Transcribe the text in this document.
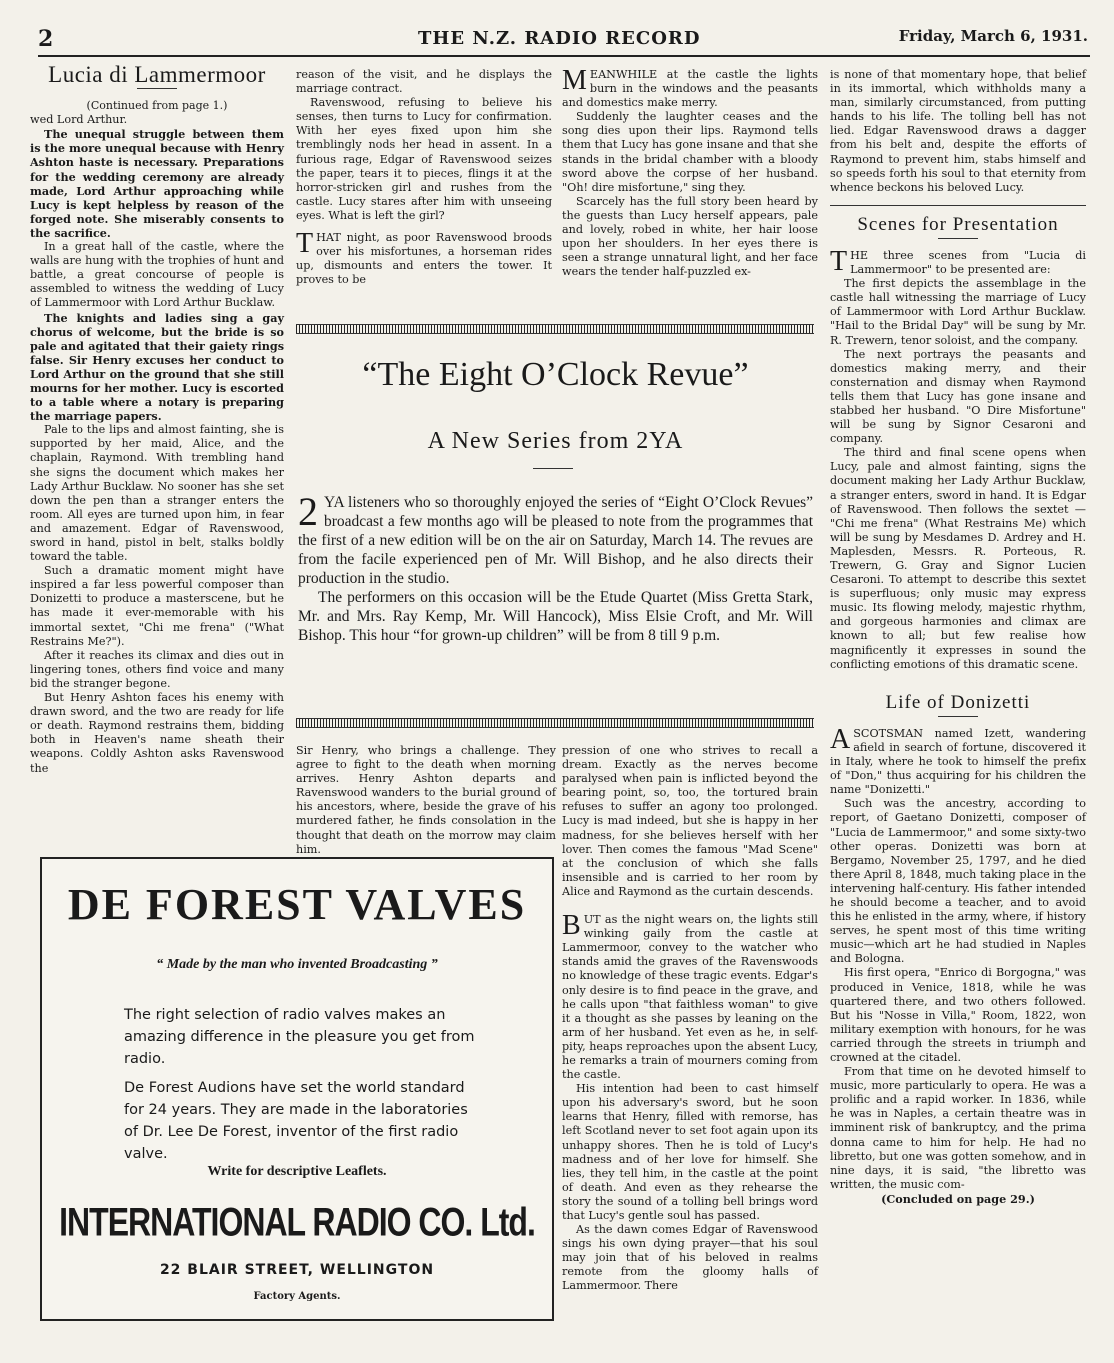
2	THE N.Z. RADIO RECORD	Friday, March 6, 1931.
Lucia di Lammermoor

(Continued from page 1.)

wed Lord Arthur.

The unequal struggle between them is the more unequal because with Henry Ashton haste is necessary. Preparations for the wedding ceremony are already made, Lord Arthur approaching while Lucy is kept helpless by reason of the forged note. She miserably consents to the sacrifice.

In a great hall of the castle, where the walls are hung with the trophies of hunt and battle, a great concourse of people is assembled to witness the wedding of Lucy of Lammermoor with Lord Arthur Bucklaw.

The knights and ladies sing a gay chorus of welcome, but the bride is so pale and agitated that their gaiety rings false. Sir Henry excuses her conduct to Lord Arthur on the ground that she still mourns for her mother. Lucy is escorted to a table where a notary is preparing the marriage papers.

Pale to the lips and almost fainting, she is supported by her maid, Alice, and the chaplain, Raymond. With trembling hand she signs the document which makes her Lady Arthur Bucklaw. No sooner has she set down the pen than a stranger enters the room. All eyes are turned upon him, in fear and amazement. Edgar of Ravenswood, sword in hand, pistol in belt, stalks boldly toward the table.

Such a dramatic moment might have inspired a far less powerful composer than Donizetti to produce a masterscene, but he has made it ever-memorable with his immortal sextet, "Chi me frena" ("What Restrains Me?").

After it reaches its climax and dies out in lingering tones, others find voice and many bid the stranger begone.

But Henry Ashton faces his enemy with drawn sword, and the two are ready for life or death. Raymond restrains them, bidding both in Heaven's name sheath their weapons. Coldly Ashton asks Ravenswood the

reason of the visit, and he displays the marriage contract.

Ravenswood, refusing to believe his senses, then turns to Lucy for confirmation. With her eyes fixed upon him she tremblingly nods her head in assent. In a furious rage, Edgar of Ravenswood seizes the paper, tears it to pieces, flings it at the horror-stricken girl and rushes from the castle. Lucy stares after him with unseeing eyes. What is left the girl?

THAT night, as poor Ravenswood broods over his misfortunes, a horseman rides up, dismounts and enters the tower. It proves to be

MEANWHILE at the castle the lights burn in the windows and the peasants and domestics make merry.

Suddenly the laughter ceases and the song dies upon their lips. Raymond tells them that Lucy has gone insane and that she stands in the bridal chamber with a bloody sword above the corpse of her husband. "Oh! dire misfortune," sing they.

Scarcely has the full story been heard by the guests than Lucy herself appears, pale and lovely, robed in white, her hair loose upon her shoulders. In her eyes there is seen a strange unnatural light, and her face wears the tender half-puzzled ex-

“The Eight O’Clock Revue”
A New Series from 2YA

2 YA listeners who so thoroughly enjoyed the series of “Eight O’Clock Revues” broadcast a few months ago will be pleased to note from the programmes that the first of a new edition will be on the air on Saturday, March 14. The revues are from the facile experienced pen of Mr. Will Bishop, and he also directs their production in the studio.

The performers on this occasion will be the Etude Quartet (Miss Gretta Stark, Mr. and Mrs. Ray Kemp, Mr. Will Hancock), Miss Elsie Croft, and Mr. Will Bishop. This hour “for grown-up children” will be from 8 till 9 p.m.

Sir Henry, who brings a challenge. They agree to fight to the death when morning arrives. Henry Ashton departs and Ravenswood wanders to the burial ground of his ancestors, where, beside the grave of his murdered father, he finds consolation in the thought that death on the morrow may claim him.

pression of one who strives to recall a dream. Exactly as the nerves become paralysed when pain is inflicted beyond the bearing point, so, too, the tortured brain refuses to suffer an agony too prolonged. Lucy is mad indeed, but she is happy in her madness, for she believes herself with her lover. Then comes the famous "Mad Scene" at the conclusion of which she falls insensible and is carried to her room by Alice and Raymond as the curtain descends.

BUT as the night wears on, the lights still winking gaily from the castle at Lammermoor, convey to the watcher who stands amid the graves of the Ravenswoods no knowledge of these tragic events. Edgar's only desire is to find peace in the grave, and he calls upon "that faithless woman" to give it a thought as she passes by leaning on the arm of her husband. Yet even as he, in self-pity, heaps reproaches upon the absent Lucy, he remarks a train of mourners coming from the castle.

His intention had been to cast himself upon his adversary's sword, but he soon learns that Henry, filled with remorse, has left Scotland never to set foot again upon its unhappy shores. Then he is told of Lucy's madness and of her love for himself. She lies, they tell him, in the castle at the point of death. And even as they rehearse the story the sound of a tolling bell brings word that Lucy's gentle soul has passed.

As the dawn comes Edgar of Ravenswood sings his own dying prayer—that his soul may join that of his beloved in realms remote from the gloomy halls of Lammermoor. There

is none of that momentary hope, that belief in its immortal, which withholds many a man, similarly circumstanced, from putting hands to his life. The tolling bell has not lied. Edgar Ravenswood draws a dagger from his belt and, despite the efforts of Raymond to prevent him, stabs himself and so speeds forth his soul to that eternity from whence beckons his beloved Lucy.

Scenes for Presentation

THE three scenes from "Lucia di Lammermoor" to be presented are:

The first depicts the assemblage in the castle hall witnessing the marriage of Lucy of Lammermoor with Lord Arthur Bucklaw. "Hail to the Bridal Day" will be sung by Mr. R. Trewern, tenor soloist, and the company.

The next portrays the peasants and domestics making merry, and their consternation and dismay when Raymond tells them that Lucy has gone insane and stabbed her husband. "O Dire Misfortune" will be sung by Signor Cesaroni and company.

The third and final scene opens when Lucy, pale and almost fainting, signs the document making her Lady Arthur Bucklaw, a stranger enters, sword in hand. It is Edgar of Ravenswood. Then follows the sextet — "Chi me frena" (What Restrains Me) which will be sung by Mesdames D. Ardrey and H. Maplesden, Messrs. R. Porteous, R. Trewern, G. Gray and Signor Lucien Cesaroni. To attempt to describe this sextet is superfluous; only music may express music. Its flowing melody, majestic rhythm, and gorgeous harmonies and climax are known to all; but few realise how magnificently it expresses in sound the conflicting emotions of this dramatic scene.

Life of Donizetti

ASCOTSMAN named Izett, wandering afield in search of fortune, discovered it in Italy, where he took to himself the prefix of "Don," thus acquiring for his children the name "Donizetti."

Such was the ancestry, according to report, of Gaetano Donizetti, composer of "Lucia de Lammermoor," and some sixty-two other operas. Donizetti was born at Bergamo, November 25, 1797, and he died there April 8, 1848, much taking place in the intervening half-century. His father intended he should become a teacher, and to avoid this he enlisted in the army, where, if history serves, he spent most of this time writing music—which art he had studied in Naples and Bologna.

His first opera, "Enrico di Borgogna," was produced in Venice, 1818, while he was quartered there, and two others followed. But his "Nosse in Villa," Room, 1822, won military exemption with honours, for he was carried through the streets in triumph and crowned at the citadel.

From that time on he devoted himself to music, more particularly to opera. He was a prolific and a rapid worker. In 1836, while he was in Naples, a certain theatre was in imminent risk of bankruptcy, and the prima donna came to him for help. He had no libretto, but one was gotten somehow, and in nine days, it is said, "the libretto was written, the music com-

(Concluded on page 29.)

DE FOREST VALVES
“ Made by the man who invented Broadcasting ”
The right selection of radio valves makes an amazing difference in the pleasure you get from radio.
De Forest Audions have set the world standard for 24 years. They are made in the laboratories of Dr. Lee De Forest, inventor of the first radio valve.
Write for descriptive Leaflets.
INTERNATIONAL RADIO CO. Ltd.
22 BLAIR STREET, WELLINGTON
Factory Agents.
